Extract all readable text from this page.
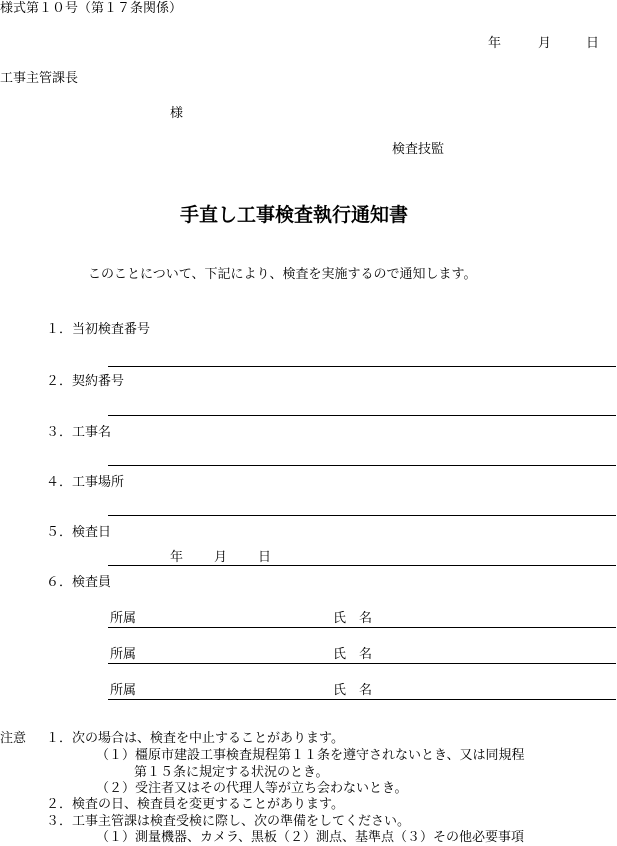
様式第１０号（第１７条関係）
年	月	日
工事主管課長
様
検査技監
手直し工事検査執行通知書
このことについて、下記により、検査を実施するので通知します。
１．当初検査番号
２．契約番号
３．工事名
４．工事場所
５．検査日
年 月 日
６．検査員
所属	氏　名
所属	氏　名
所属	氏　名
注意 １．次の場合は、検査を中止することがあります。
（１）橿原市建設工事検査規程第１１条を遵守されないとき、又は同規程
第１５条に規定する状況のとき。
（２）受注者又はその代理人等が立ち会わないとき。
２．検査の日、検査員を変更することがあります。
３．工事主管課は検査受検に際し、次の準備をしてください。
（１）測量機器、カメラ、黒板（２）測点、基準点（３）その他必要事項
